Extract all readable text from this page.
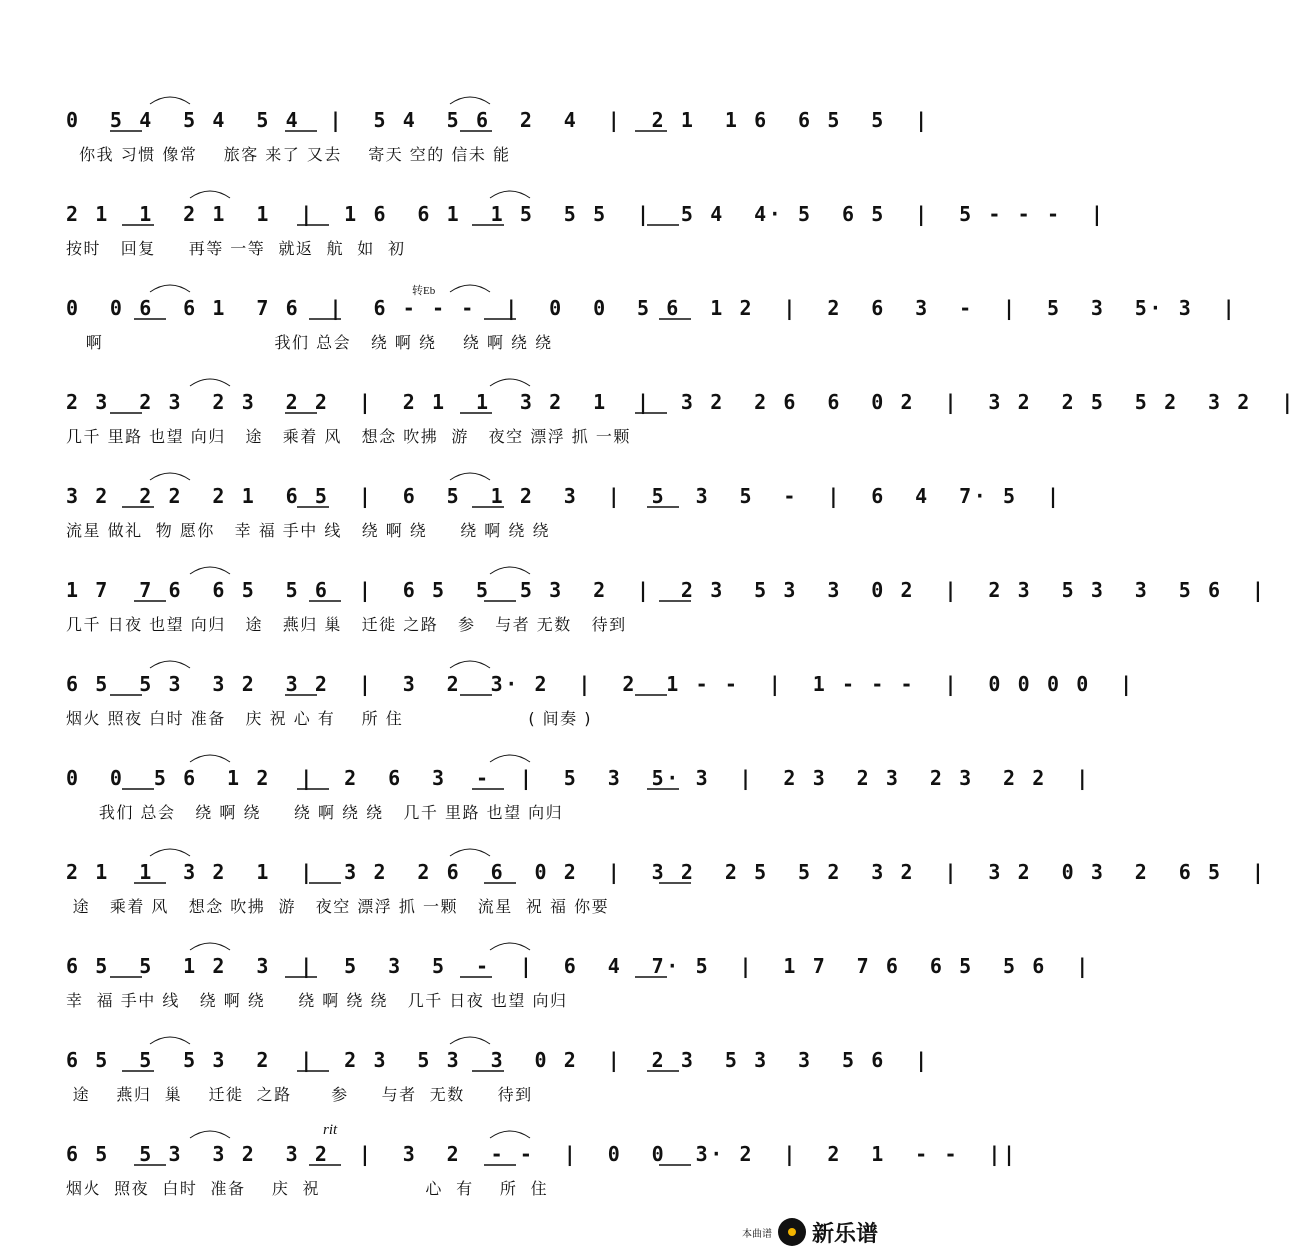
0  5 4  5 4  5 4  |  5 4  5 6  2  4  |  2 1  1 6  6 5  5  |
你我 习惯 像常    旅客 来了 又去    寄天 空的 信未 能
2 1  1  2 1  1  |  1 6  6 1  1 5  5 5  |  5 4  4· 5  6 5  |  5 - - -  |
按时   回复     再等 一等  就返  航  如  初
0  0 6  6 1  7 6  |  6 - - -  |  0  0  5 6  1 2  |  2  6  3  -  |  5  3  5· 3  |
啊                          我们 总会   绕 啊 绕    绕 啊 绕 绕
2 3  2 3  2 3  2 2  |  2 1  1  3 2  1  |  3 2  2 6  6  0 2  |  3 2  2 5  5 2  3 2  |
几千 里路 也望 向归   途   乘着 风   想念 吹拂  游   夜空 漂浮 抓 一颗
3 2  2 2  2 1  6 5  |  6  5  1 2  3  |  5  3  5  -  |  6  4  7· 5  |
流星 做礼  物 愿你   幸 福 手中 线   绕 啊 绕     绕 啊 绕 绕
1 7  7 6  6 5  5 6  |  6 5  5  5 3  2  |  2 3  5 3  3  0 2  |  2 3  5 3  3  5 6  |
几千 日夜 也望 向归   途   燕归 巢   迁徙 之路   参   与者 无数   待到
6 5  5 3  3 2  3 2  |  3  2  3· 2  |  2  1 - -  |  1 - - -  |  0 0 0 0  |
烟火 照夜 白时 准备   庆 祝 心 有    所 住                   ( 间奏 )
0  0  5 6  1 2  |  2  6  3  -  |  5  3  5· 3  |  2 3  2 3  2 3  2 2  |
我们 总会   绕 啊 绕     绕 啊 绕 绕   几千 里路 也望 向归
2 1  1  3 2  1  |  3 2  2 6  6  0 2  |  3 2  2 5  5 2  3 2  |  3 2  0 3  2  6 5  |
途   乘着 风   想念 吹拂  游   夜空 漂浮 抓 一颗   流星  祝 福 你要
6 5  5  1 2  3  |  5  3  5  -  |  6  4  7· 5  |  1 7  7 6  6 5  5 6  |
幸  福 手中 线   绕 啊 绕     绕 啊 绕 绕   几千 日夜 也望 向归
6 5  5  5 3  2  |  2 3  5 3  3  0 2  |  2 3  5 3  3  5 6  |
途    燕归  巢    迁徙  之路      参     与者  无数     待到
6 5  5 3  3 2  3 2  |  3  2  - -  |  0  0  3· 2  |  2  1  - -  ||
烟火  照夜  白时  准备    庆  祝                心  有    所  住
转Eb
rit
本曲谱 新乐谱
